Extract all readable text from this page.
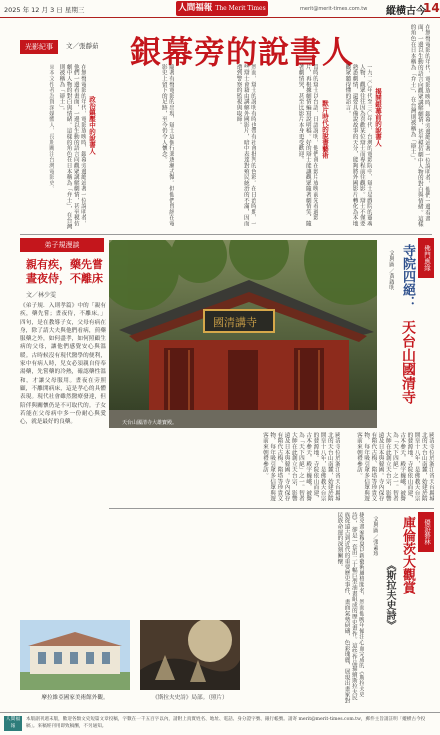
2025 年 12 月 3 日 星期三	人間福報 The Merit Times	merit@merit-times.com.tw 縱横古今
14
光影紀事	文／張靜茹 銀幕旁的說書人	在無聲電影的年代，電影放映時，銀幕旁邊總站著一位說明者，他們一邊看畫面，一邊以生動的語言向觀眾講解劇情，甚至模仿劇中人物的對白與情緒。這樣的角色在日本稱為「弁士」，在台灣則被稱為「辯士」。
揭開銀幕前的說書人
一九二〇年代至三〇年代，台灣的電影院中，辯士是戲院的靈魂人物，觀眾往往因為喜歡某位辯士而專程前往觀影。辯士不僅要熟悉劇情，還要具備說故事的天分，能夠將外國影片轉化為本地觀眾聽得懂的語言。
默片時代的說書藝術
當時的辯士以台語、日語說明，他們會在影片放映前先看過影片，再根據劇情編寫說明稿。好的辯士能讓觀眾隨著劇情笑、隨著劇情哭，甚至比影片本身更受歡迎。
然而，辯士的說明有時也帶有社會批判的色彩。在日治時期，一些辯士會藉由講解外國影片，暗中表達對殖民統治的不滿，因而遭到警察的監視與取締。
隨著有聲電影的出現，辯士這個行業逐漸式微。但他們曾經在電影史上留下的足跡，至今仍令人懷念。
政治鎮壓中的說書人
在無聲電影的年代，電影放映時，銀幕旁邊總站著一位說明者，他們一邊看畫面，一邊以生動的語言向觀眾講解劇情，甚至模仿劇中人物的對白與情緒。這樣的角色在日本稱為「弁士」，在台灣則被稱為「辯士」。
※本文作者為資深媒體人，長期關注台灣電影史。
弟子規漫談
親有疾，藥先嘗
晝夜侍，不離床
文／林少雯
《弟子規．入則孝篇》中的「親有疾，藥先嘗；晝夜侍，不離床。」四句，是在教導子女，父母有病在身，除了請大夫與他們看病，煎藥服藥之外，如何盡孝，如何照顧生病的父母，讓他們感覺安心與溫暖。古時候沒有現代醫學的便利，家中有病人時，兒女必須親自侍奉湯藥，先嘗藥的冷熱，確認藥性溫和，才讓父母服用。晝夜在旁照顧，不離開病床，這是孝心的具體表現。現代社會雖然醫療發達，但陪伴與關懷仍是不可取代的。子女若能在父母病中多一份耐心與愛心，就是最好的良藥。
國清講寺
天台山國清寺大雄寶殿。
佛門應緣
寺院四絕：
天台山國清寺
文與圖／黃啟明
國清寺位於浙江省天台縣城北的天台山南麓，始建於隋開皇十八年，是佛教天台宗的發源地。寺院依山而建，古木參天，殿宇巍峨，被譽為「天下四絕」之一。智者大師在此創立天台宗，影響遠及日本與韓國。寺內保存有隋代古梅、隋塔等珍貴文物，每年吸引眾多信眾與遊客前來朝禮參訪。
國清寺位於浙江省天台縣城北的天台山南麓，始建於隋開皇十八年，是佛教天台宗的發源地。寺院依山而建，古木參天，殿宇巍峨，被譽為「天下四絕」之一。智者大師在此創立天台宗，影響遠及日本與韓國。寺內保存有隋代古梅、隋塔等珍貴文物，每年吸引眾多信眾與遊客前來朝禮參訪。
優游藝林
庫倫茨大觀賞
《斯拉夫史詩》
文與圖／張素珍
捷克畫家穆夏以新藝術風格聞名，然而他晚年傾注心血完成的《斯拉夫史詩》，卻是一套由二十幅巨型油畫組成的歷史畫作。這些作品描繪斯拉夫民族從遠古到近代的重要歷史事件，畫面氣勢磅礴，色彩瑰麗，展現出畫家對民族命運的深刻關懷。
摩拉維亞國家美術館外觀。	《斯拉夫史詩》局部。（照片）
人間福報
本版副刊週末版，歡迎各類文史短篇文章投稿，字數在一千五百字以內，請附上真實姓名、地址、電話、身分證字號、銀行帳號。請寄 merit@merit-times.com.tw，郵件主旨請註明「縱横古今投稿」。來稿經刊用即致稿酬，不另通知。
